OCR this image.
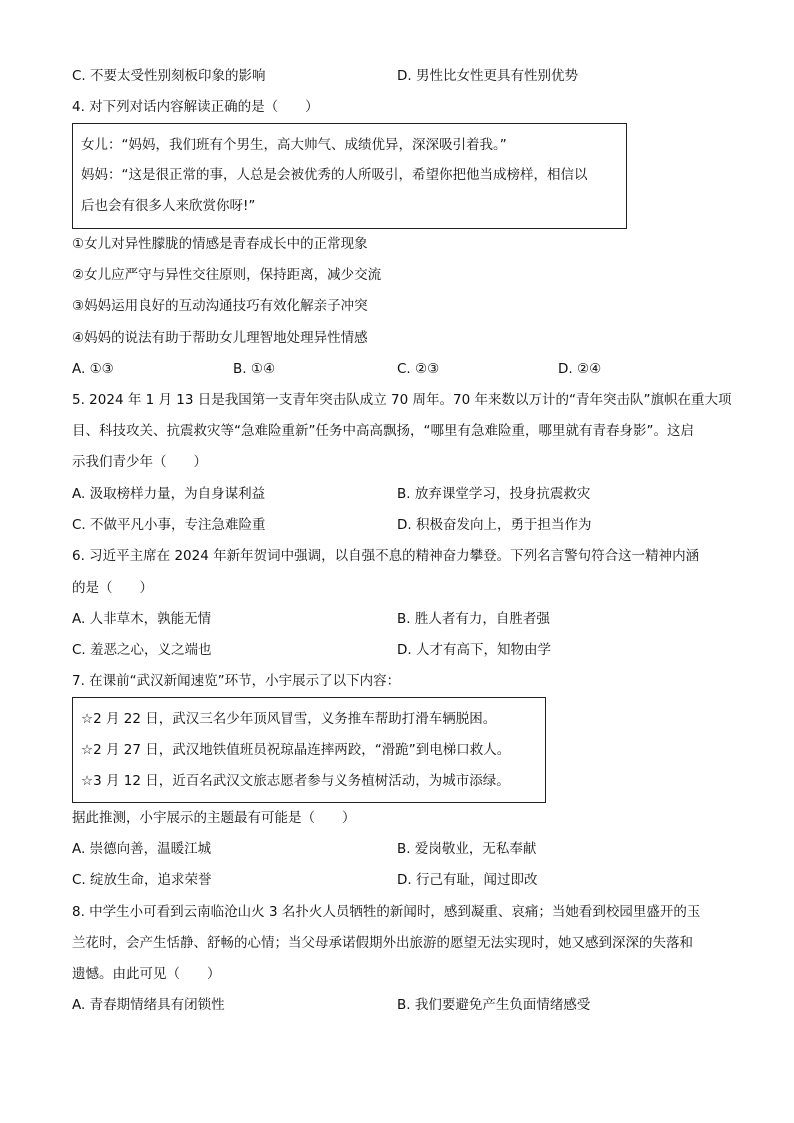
C. 不要太受性别刻板印象的影响	D. 男性比女性更具有性别优势
4. 对下列对话内容解读正确的是（　　）
女儿：“妈妈，我们班有个男生，高大帅气、成绩优异，深深吸引着我。”
妈妈：“这是很正常的事，人总是会被优秀的人所吸引，希望你把他当成榜样，相信以
后也会有很多人来欣赏你呀!”
①女儿对异性朦胧的情感是青春成长中的正常现象
②女儿应严守与异性交往原则，保持距离，减少交流
③妈妈运用良好的互动沟通技巧有效化解亲子冲突
④妈妈的说法有助于帮助女儿理智地处理异性情感
A. ①③	B. ①④	C. ②③	D. ②④
5. 2024 年 1 月 13 日是我国第一支青年突击队成立 70 周年。70 年来数以万计的“青年突击队”旗帜在重大项
目、科技攻关、抗震救灾等“急难险重新”任务中高高飘扬，“哪里有急难险重，哪里就有青春身影”。这启
示我们青少年（　　）
A. 汲取榜样力量，为自身谋利益	B. 放弃课堂学习，投身抗震救灾
C. 不做平凡小事，专注急难险重	D. 积极奋发向上，勇于担当作为
6. 习近平主席在 2024 年新年贺词中强调，以自强不息的精神奋力攀登。下列名言警句符合这一精神内涵
的是（　　）
A. 人非草木，孰能无情	B. 胜人者有力，自胜者强
C. 羞恶之心，义之端也	D. 人才有高下，知物由学
7. 在课前“武汉新闻速览”环节，小宇展示了以下内容：
☆2 月 22 日，武汉三名少年顶风冒雪，义务推车帮助打滑车辆脱困。
☆2 月 27 日，武汉地铁值班员祝琼晶连摔两跤，“滑跪”到电梯口救人。
☆3 月 12 日，近百名武汉文旅志愿者参与义务植树活动，为城市添绿。
据此推测，小宇展示的主题最有可能是（　　）
A. 崇德向善，温暖江城	B. 爱岗敬业，无私奉献
C. 绽放生命，追求荣誉	D. 行己有耻，闻过即改
8. 中学生小可看到云南临沧山火 3 名扑火人员牺牲的新闻时，感到凝重、哀痛；当她看到校园里盛开的玉
兰花时，会产生恬静、舒畅的心情；当父母承诺假期外出旅游的愿望无法实现时，她又感到深深的失落和
遗憾。由此可见（　　）
A. 青春期情绪具有闭锁性	B. 我们要避免产生负面情绪感受
